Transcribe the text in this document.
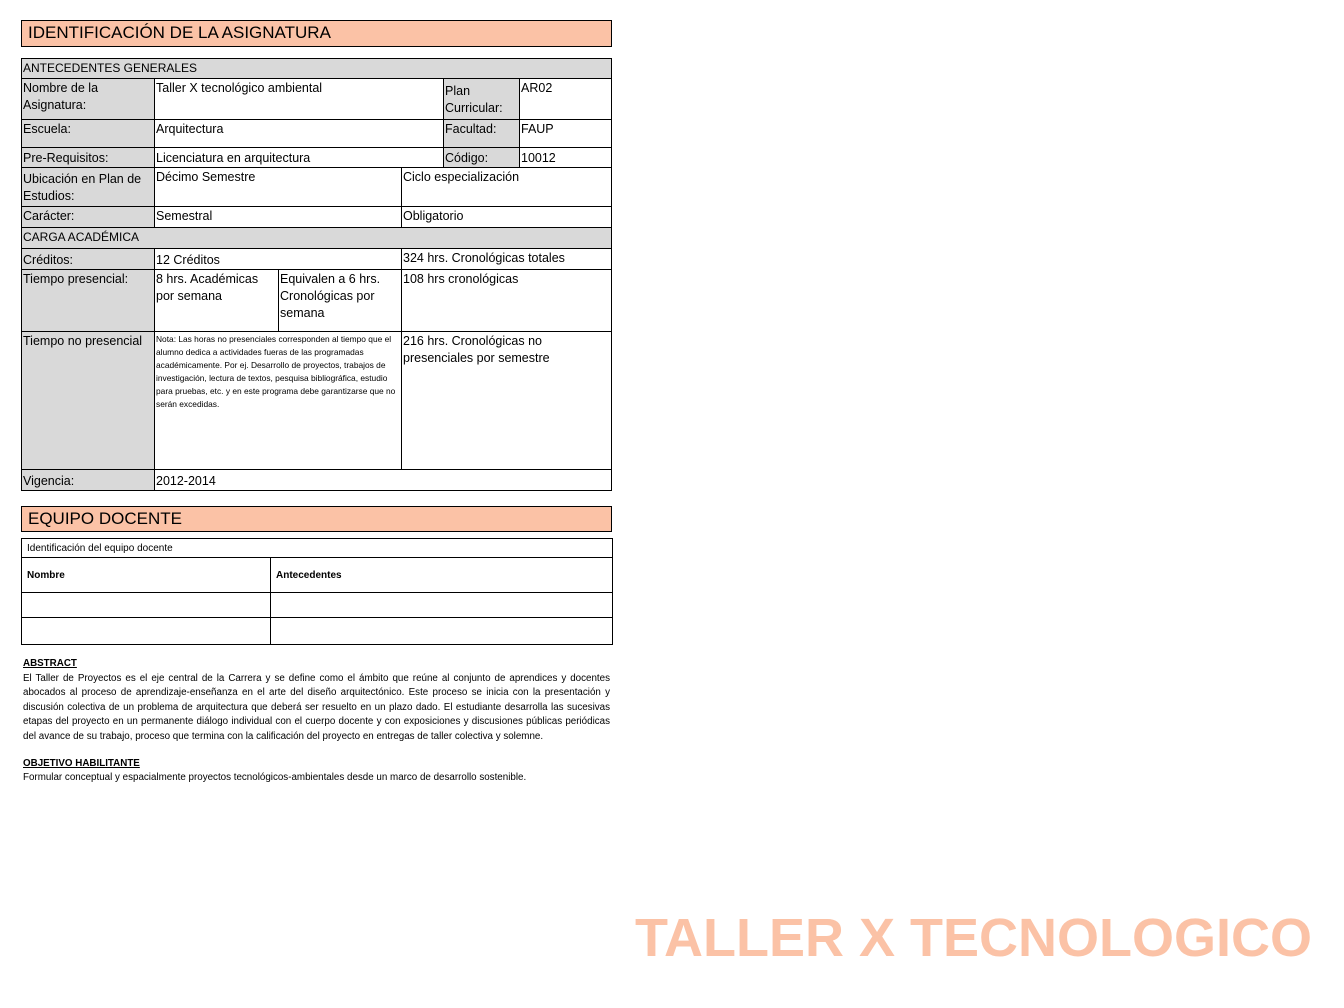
IDENTIFICACIÓN DE LA ASIGNATURA
ANTECEDENTES GENERALES					
Nombre de la Asignatura:	Taller X tecnológico ambiental			Plan Curricular:	AR02
Escuela:	Arquitectura			Facultad:	FAUP
Pre-Requisitos:	Licenciatura en arquitectura			Código:	10012
Ubicación en Plan de Estudios:	Décimo Semestre		Ciclo especialización		
Carácter:	Semestral		Obligatorio		
CARGA ACADÉMICA					
Créditos:	12 Créditos		324 hrs. Cronológicas totales		
Tiempo presencial:	8 hrs. Académicas por semana	Equivalen a 6 hrs. Cronológicas por semana	108 hrs cronológicas		
Tiempo no presencial	Nota: Las horas no presenciales corresponden al tiempo que el alumno dedica a actividades fueras de las programadas académicamente. Por ej. Desarrollo de proyectos, trabajos de investigación, lectura de textos, pesquisa bibliográfica, estudio para pruebas, etc. y en este programa debe garantizarse que no serán excedidas.		216 hrs. Cronológicas no presenciales por semestre		
Vigencia:	2012-2014				
EQUIPO DOCENTE
Identificación del equipo docente	
Nombre	Antecedentes

ABSTRACT
El Taller de Proyectos es el eje central de la Carrera y se define como el ámbito que reúne al conjunto de aprendices y docentes abocados al proceso de aprendizaje-enseñanza en el arte del diseño arquitectónico. Este proceso se inicia con la presentación y discusión colectiva de un problema de arquitectura que deberá ser resuelto en un plazo dado. El estudiante desarrolla las sucesivas etapas del proyecto en un permanente diálogo individual con el cuerpo docente y con exposiciones y discusiones públicas periódicas del avance de su trabajo, proceso que termina con la calificación del proyecto en entregas de taller colectiva y solemne.
OBJETIVO HABILITANTE
Formular conceptual y espacialmente proyectos tecnológicos-ambientales desde un marco de desarrollo sostenible.
TALLER X TECNOLOGICO
